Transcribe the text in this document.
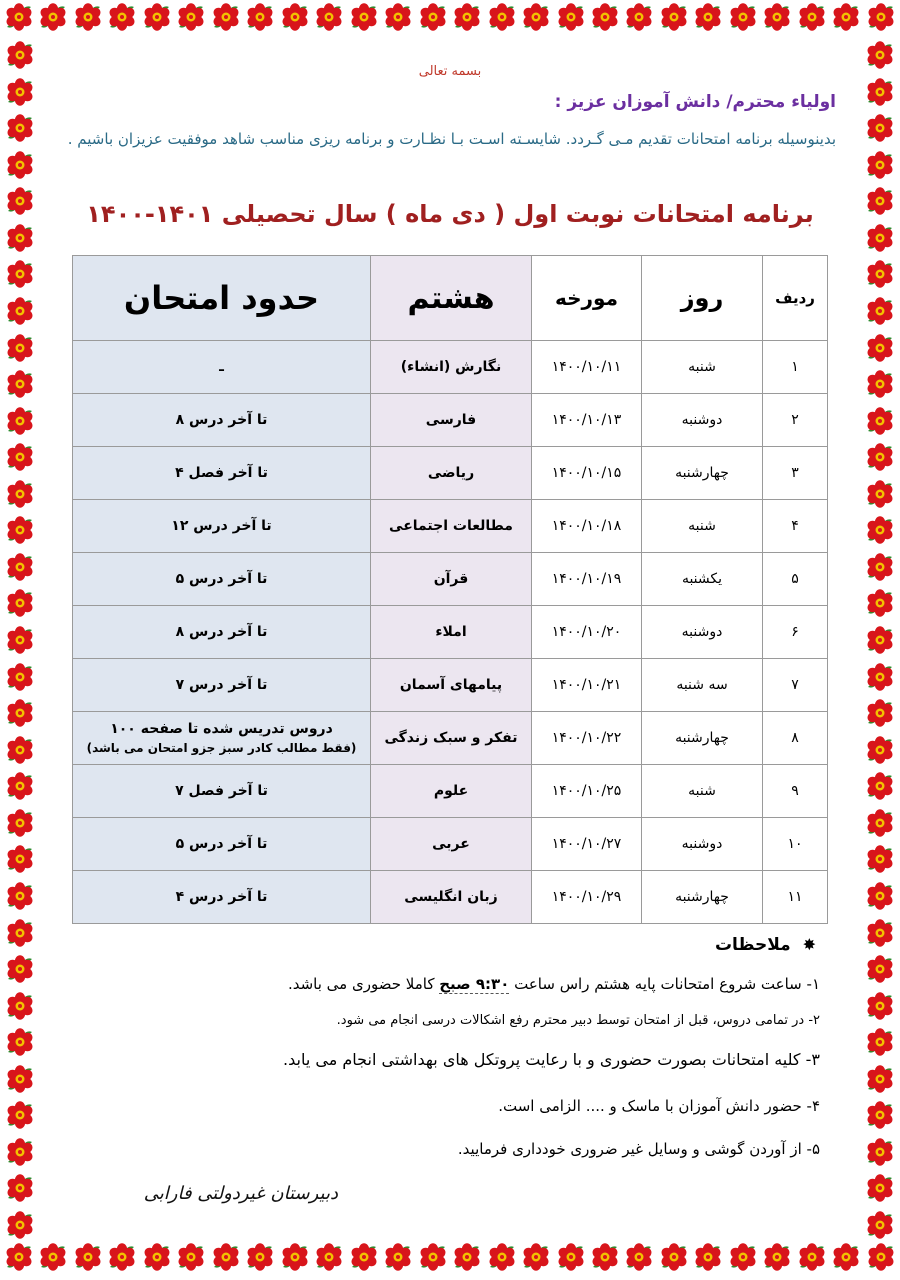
بسمه تعالی
اولیاء محترم/ دانش آموزان عزیز :
بدینوسیله برنامه امتحانات تقدیم مـی گـردد. شایسـته اسـت بـا نظـارت و برنامه ریزی مناسب شاهد موفقیت عزیزان باشیم .
برنامه امتحانات نوبت اول ( دی ماه ) سال تحصیلی ۱۴۰۱-۱۴۰۰
ردیف	روز	مورخه	هشتم	حدود امتحان
۱	شنبه	۱۴۰۰/۱۰/۱۱	نگارش (انشاء)	ـ
۲	دوشنبه	۱۴۰۰/۱۰/۱۳	فارسی	تا آخر درس ۸
۳	چهارشنبه	۱۴۰۰/۱۰/۱۵	ریاضی	تا آخر فصل ۴
۴	شنبه	۱۴۰۰/۱۰/۱۸	مطالعات اجتماعی	تا آخر درس ۱۲
۵	یکشنبه	۱۴۰۰/۱۰/۱۹	قرآن	تا آخر درس ۵
۶	دوشنبه	۱۴۰۰/۱۰/۲۰	املاء	تا آخر درس ۸
۷	سه شنبه	۱۴۰۰/۱۰/۲۱	پیامهای آسمان	تا آخر درس ۷
۸	چهارشنبه	۱۴۰۰/۱۰/۲۲	تفکر و سبک زندگی	دروس تدریس شده تا صفحه ۱۰۰
(فقط مطالب کادر سبز جزو امتحان می باشد)

۹	شنبه	۱۴۰۰/۱۰/۲۵	علوم	تا آخر فصل ۷
۱۰	دوشنبه	۱۴۰۰/۱۰/۲۷	عربی	تا آخر درس ۵
۱۱	چهارشنبه	۱۴۰۰/۱۰/۲۹	زبان انگلیسی	تا آخر درس ۴
✸ ملاحظات
۱- ساعت شروع امتحانات پایه هشتم راس ساعت ۹:۳۰ صبح کاملا حضوری می باشد.
۲- در تمامی دروس، قبل از امتحان توسط دبیر محترم رفع اشکالات درسی انجام می شود.
۳- کلیه امتحانات بصورت حضوری و با رعایت پروتکل های بهداشتی انجام می یابد.
۴- حضور دانش آموزان با ماسک و .... الزامی است.
۵- از آوردن گوشی و وسایل غیر ضروری خودداری فرمایید.
دبیرستان غیردولتی فارابی
